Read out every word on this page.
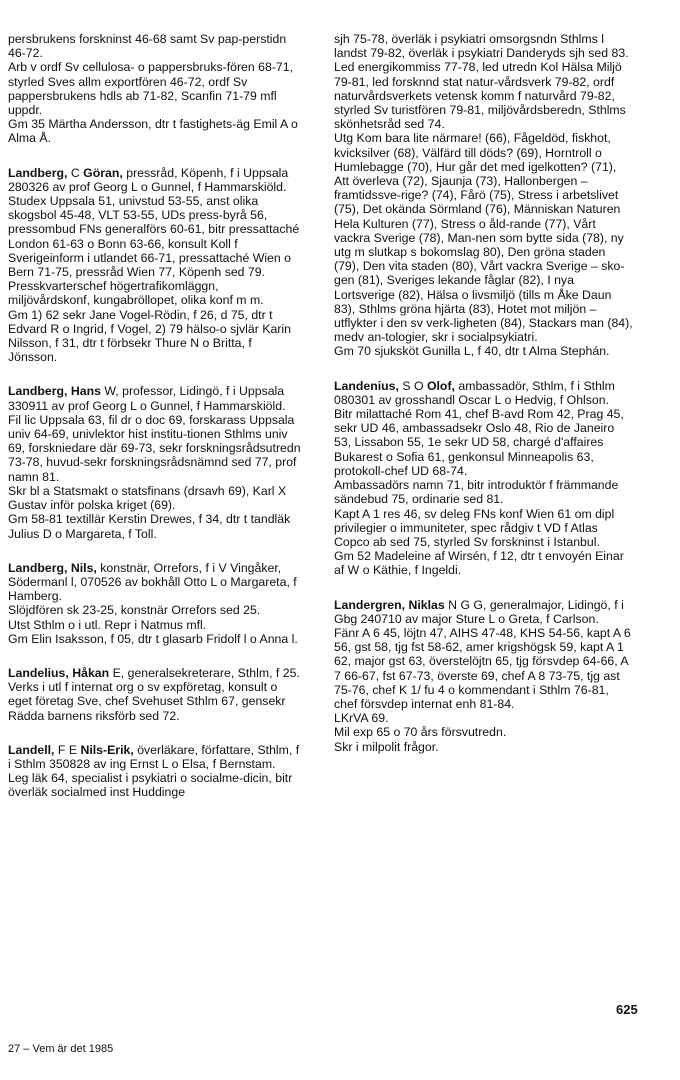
persbrukens forskninst 46-68 samt Sv pap-perstidn 46-72.

Arb v ordf Sv cellulosa- o pappersbruks-fören 68-71, styrled Sves allm exportfören 46-72, ordf Sv pappersbrukens hdls ab 71-82, Scanfin 71-79 mfl uppdr.

Gm 35 Märtha Andersson, dtr t fastighets-äg Emil A o Alma Å.

Landberg, C Göran, pressråd, Köpenh, f i Uppsala 280326 av prof Georg L o Gunnel, f Hammarskiöld.

Studex Uppsala 51, univstud 53-55, anst olika skogsbol 45-48, VLT 53-55, UDs press-byrå 56, pressombud FNs generalförs 60-61, bitr pressattaché London 61-63 o Bonn 63-66, konsult Koll f Sverigeinform i utlandet 66-71, pressattaché Wien o Bern 71-75, pressråd Wien 77, Köpenh sed 79.

Presskvarterschef högertrafikomläggn, miljövårdskonf, kungabröllopet, olika konf m m.

Gm 1) 62 sekr Jane Vogel-Rödin, f 26, d 75, dtr t Edvard R o Ingrid, f Vogel, 2) 79 hälso-o sjvlär Karin Nilsson, f 31, dtr t förbsekr Thure N o Britta, f Jönsson.

Landberg, Hans W, professor, Lidingö, f i Uppsala 330911 av prof Georg L o Gunnel, f Hammarskiöld.

Fil lic Uppsala 63, fil dr o doc 69, forskarass Uppsala univ 64-69, univlektor hist institu-tionen Sthlms univ 69, forskniedare där 69-73, sekr forskningsrådsutredn 73-78, huvud-sekr forskningsrådsnämnd sed 77, prof namn 81.

Skr bl a Statsmakt o statsfinans (drsavh 69), Karl X Gustav inför polska kriget (69).

Gm 58-81 textillär Kerstin Drewes, f 34, dtr t tandläk Julius D o Margareta, f Toll.

Landberg, Nils, konstnär, Orrefors, f i V Vingåker, Södermanl l, 070526 av bokhåll Otto L o Margareta, f Hamberg.

Slöjdfören sk 23-25, konstnär Orrefors sed 25.

Utst Sthlm o i utl. Repr i Natmus mfl.

Gm Elin Isaksson, f 05, dtr t glasarb Fridolf l o Anna l.

Landelius, Håkan E, generalsekreterare, Sthlm, f 25.

Verks i utl f internat org o sv expföretag, konsult o eget företag Sve, chef Svehuset Sthlm 67, gensekr Rädda barnens riksförb sed 72.

Landell, F E Nils-Erik, överläkare, författare, Sthlm, f i Sthlm 350828 av ing Ernst L o Elsa, f Bernstam.

Leg läk 64, specialist i psykiatri o socialme-dicin, bitr överläk socialmed inst Huddinge

sjh 75-78, överläk i psykiatri omsorgsndn Sthlms l landst 79-82, överläk i psykiatri Danderyds sjh sed 83.

Led energikommiss 77-78, led utredn Kol Hälsa Miljö 79-81, led forsknnd stat natur-vårdsverk 79-82, ordf naturvårdsverkets vetensk komm f naturvård 79-82, styrled Sv turistfören 79-81, miljövårdsberedn, Sthlms skönhetsråd sed 74.

Utg Kom bara lite närmare! (66), Fågeldöd, fiskhot, kvicksilver (68), Välfärd till döds? (69), Horntroll o Humlebagge (70), Hur går det med igelkotten? (71), Att överleva (72), Sjaunja (73), Hallonbergen – framtidssve-rige? (74), Fårö (75), Stress i arbetslivet (75), Det okända Sörmland (76), Människan Naturen Hela Kulturen (77), Stress o åld-rande (77), Vårt vackra Sverige (78), Man-nen som bytte sida (78), ny utg m slutkap s bokomslag 80), Den gröna staden (79), Den vita staden (80), Vårt vackra Sverige – sko-gen (81), Sveriges lekande fåglar (82), I nya Lortsverige (82), Hälsa o livsmiljö (tills m Åke Daun 83), Sthlms gröna hjärta (83), Hotet mot miljön – utflykter i den sv verk-ligheten (84), Stackars man (84), medv an-tologier, skr i socialpsykiatri.

Gm 70 sjuksköt Gunilla L, f 40, dtr t Alma Stephán.

Landenius, S O Olof, ambassadör, Sthlm, f i Sthlm 080301 av grosshandl Oscar L o Hedvig, f Ohlson.

Bitr milattaché Rom 41, chef B-avd Rom 42, Prag 45, sekr UD 46, ambassadsekr Oslo 48, Rio de Janeiro 53, Lissabon 55, 1e sekr UD 58, chargé d'affaires Bukarest o Sofia 61, genkonsul Minneapolis 63, protokoll-chef UD 68-74.

Ambassadörs namn 71, bitr introduktör f främmande sändebud 75, ordinarie sed 81.

Kapt A 1 res 46, sv deleg FNs konf Wien 61 om dipl privilegier o immuniteter, spec rådgiv t VD f Atlas Copco ab sed 75, styrled Sv forskninst i Istanbul.

Gm 52 Madeleine af Wirsén, f 12, dtr t envoyén Einar af W o Käthie, f Ingeldi.

Landergren, Niklas N G G, generalmajor, Lidingö, f i Gbg 240710 av major Sture L o Greta, f Carlson.

Fänr A 6 45, löjtn 47, AIHS 47-48, KHS 54-56, kapt A 6 56, gst 58, tjg fst 58-62, amer krigshögsk 59, kapt A 1 62, major gst 63, överstelöjtn 65, tjg försvdep 64-66, A 7 66-67, fst 67-73, överste 69, chef A 8 73-75, tjg ast 75-76, chef K 1/ fu 4 o kommendant i Sthlm 76-81, chef försvdep internat enh 81-84.

LKrVA 69.

Mil exp 65 o 70 års försvutredn.

Skr i milpolit frågor.

625
27 – Vem är det 1985
